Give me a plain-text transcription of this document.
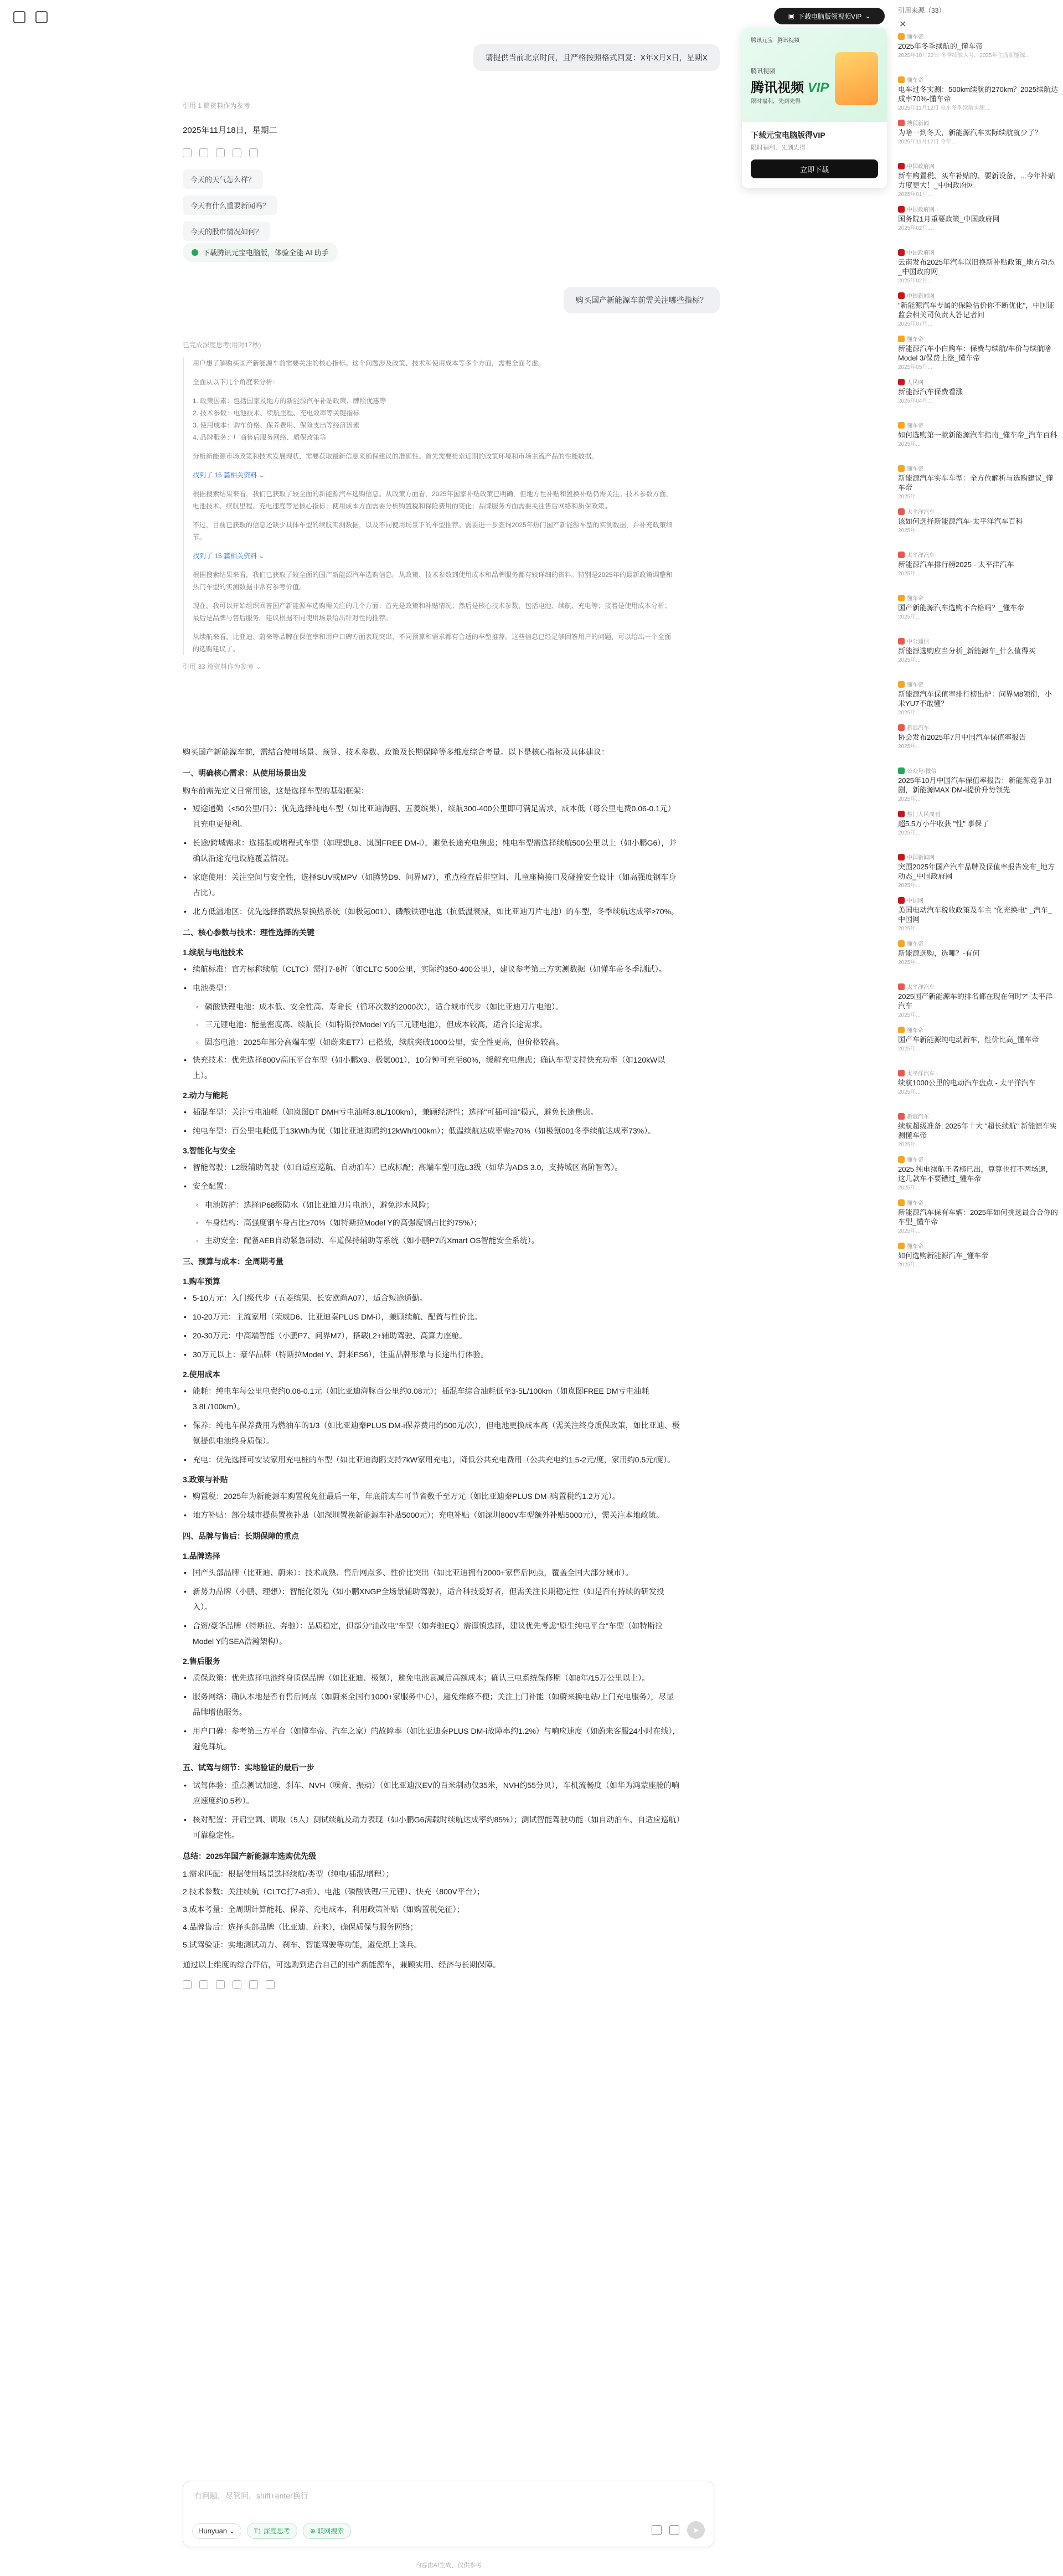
请提供当前北京时间，且严格按照格式回复：X年X月X日，星期X
引用 1 篇资料作为参考
2025年11月18日，星期二
今天的天气怎么样？
今天有什么重要新闻吗？
今天的股市情况如何？
下载腾讯元宝电脑版，体验全能 AI 助手
购买国产新能源车前需关注哪些指标？
已完成深度思考(用时17秒)

用户想了解购买国产新能源车前需要关注的核心指标。这个问题涉及政策、技术和使用成本等多个方面，需要全面考虑。

全面从以下几个角度来分析：

1. 政策因素：包括国家及地方的新能源汽车补贴政策、牌照优惠等
2. 技术参数：电池技术、续航里程、充电效率等关键指标
3. 使用成本：购车价格、保养费用、保险支出等经济因素

4. 品牌服务：厂商售后服务网络、质保政策等

分析新能源市场政策和技术发展现状，需要获取最新信息来确保建议的准确性。首先需要检索近期的政策环境和市场主流产品的性能数据。

找到了 15 篇相关资料 ⌄

根据搜索结果来看，我们已获取了较全面的新能源汽车选购信息。从政策方面看，2025年国家补贴政策已明确，但地方性补贴和置换补贴仍需关注。技术参数方面，电池技术、续航里程、充电速度等是核心指标；使用成本方面需要分析购置税和保险费用的变化；品牌服务方面需要关注售后网络和质保政策。

不过，目前已获取的信息还缺少具体车型的续航实测数据，以及不同使用场景下的车型推荐。需要进一步查询2025年热门国产新能源车型的实测数据，并补充政策细节。

找到了 15 篇相关资料 ⌄

根据搜索结果来看，我们已获取了较全面的国产新能源汽车选购信息。从政策、技术参数到使用成本和品牌服务都有较详细的资料。特别是2025年的最新政策调整和热门车型的实测数据非常有参考价值。

现在，我可以开始组织回答国产新能源车选购需关注的几个方面：首先是政策和补贴情况；然后是核心技术参数，包括电池、续航、充电等；接着是使用成本分析；最后是品牌与售后服务。建议根据不同使用场景给出针对性的推荐。

从续航来看，比亚迪、蔚来等品牌在保值率和用户口碑方面表现突出，不同预算和需求都有合适的车型推荐。这些信息已经足够回答用户的问题，可以给出一个全面的选购建议了。

引用 33 篇资料作为参考 ⌄

购买国产新能源车前，需结合使用场景、预算、技术参数、政策及长期保障等多维度综合考量。以下是核心指标及具体建议：

一、明确核心需求：从使用场景出发
购车前需先定义日常用途，这是选择车型的基础框架：
• 短途通勤（≤50公里/日）：优先选择纯电车型（如比亚迪海鸥、五菱缤果），续航300-400公里即可满足需求，成本低（每公里电费0.06-0.1元）且充电更便利。
• 长途/跨城需求：选插混或增程式车型（如理想L8、岚图FREE DM-i），避免长途充电焦虑；纯电车型需选择续航500公里以上（如小鹏G6），并确认沿途充电设施覆盖情况。
• 家庭使用：关注空间与安全性，选择SUV或MPV（如腾势D9、问界M7），重点检查后排空间、儿童座椅接口及碰撞安全设计（如高强度钢车身占比）。
• 北方低温地区：优先选择搭载热泵换热系统（如极氪001）、磷酸铁锂电池（抗低温衰减，如比亚迪刀片电池）的车型，冬季续航达成率≥70%。
二、核心参数与技术：理性选择的关键
1.续航与电池技术
• 续航标准：官方标称续航（CLTC）需打7-8折（如CLTC 500公里，实际约350-400公里），建议参考第三方实测数据（如懂车帝冬季测试）。
• 电池类型：
◦ 磷酸铁锂电池：成本低、安全性高、寿命长（循环次数约2000次），适合城市代步（如比亚迪刀片电池）。
◦ 三元锂电池：能量密度高、续航长（如特斯拉Model Y的三元锂电池），但成本较高，适合长途需求。
◦ 固态电池：2025年部分高端车型（如蔚来ET7）已搭载，续航突破1000公里，安全性更高，但价格较高。
• 快充技术：优先选择800V高压平台车型（如小鹏X9、极氪001），10分钟可充至80%，缓解充电焦虑；确认车型支持快充功率（如120kW以上）。
2.动力与能耗
• 插混车型：关注亏电油耗（如岚图DT DMH亏电油耗3.8L/100km），兼顾经济性；选择"可插可油"模式，避免长途焦虑。
• 纯电车型：百公里电耗低于13kWh为优（如比亚迪海鸥约12kWh/100km）；低温续航达成率需≥70%（如极氪001冬季续航达成率73%）。
3.智能化与安全
• 智能驾驶：L2级辅助驾驶（如自适应巡航、自动泊车）已成标配；高端车型可选L3级（如华为ADS 3.0，支持城区高阶智驾）。
• 安全配置：
◦ 电池防护：选择IP68级防水（如比亚迪刀片电池），避免涉水风险；
◦ 车身结构：高强度钢车身占比≥70%（如特斯拉Model Y的高强度钢占比约75%）；
◦ 主动安全：配备AEB自动紧急制动、车道保持辅助等系统（如小鹏P7的Xmart OS智能安全系统）。
三、预算与成本：全周期考量
1.购车预算
• 5-10万元：入门级代步（五菱缤果、长安欧尚A07），适合短途通勤。
• 10-20万元：主流家用（荣威D6、比亚迪秦PLUS DM-i），兼顾续航、配置与性价比。
• 20-30万元：中高端智能（小鹏P7、问界M7），搭载L2+辅助驾驶、高算力座舱。
• 30万元以上：豪华品牌（特斯拉Model Y、蔚来ES6），注重品牌形象与长途出行体验。
2.使用成本
• 能耗：纯电车每公里电费约0.06-0.1元（如比亚迪海豚百公里约0.08元）；插混车综合油耗低至3-5L/100km（如岚图FREE DM亏电油耗3.8L/100km）。
• 保养：纯电车保养费用为燃油车的1/3（如比亚迪秦PLUS DM-i保养费用约500元/次），但电池更换成本高（需关注终身质保政策，如比亚迪、极氪提供电池终身质保）。
• 充电：优先选择可安装家用充电桩的车型（如比亚迪海鸥支持7kW家用充电），降低公共充电费用（公共充电约1.5-2元/度，家用约0.5元/度）。
3.政策与补贴
• 购置税：2025年为新能源车购置税免征最后一年，年底前购车可节省数千至万元（如比亚迪秦PLUS DM-i购置税约1.2万元）。
• 地方补贴：部分城市提供置换补贴（如深圳置换新能源车补贴5000元）；充电补贴（如深圳800V车型额外补贴5000元），需关注本地政策。
四、品牌与售后：长期保障的重点
1.品牌选择
• 国产头部品牌（比亚迪、蔚来）：技术成熟、售后网点多、性价比突出（如比亚迪拥有2000+家售后网点，覆盖全国大部分城市）。
• 新势力品牌（小鹏、理想）：智能化领先（如小鹏XNGP全场景辅助驾驶），适合科技爱好者，但需关注长期稳定性（如是否有持续的研发投入）。
• 合资/豪华品牌（特斯拉、奔驰）：品质稳定，但部分"油改电"车型（如奔驰EQ）需谨慎选择，建议优先考虑"原生纯电平台"车型（如特斯拉Model Y的SEA浩瀚架构）。
2.售后服务
• 质保政策：优先选择电池终身质保品牌（如比亚迪、极氪），避免电池衰减后高额成本；确认三电系统保修期（如8年/15万公里以上）。
• 服务网络：确认本地是否有售后网点（如蔚来全国有1000+家服务中心），避免维修不便；关注上门补能（如蔚来换电站/上门充电服务），尽显品牌增值服务。
• 用户口碑：参考第三方平台（如懂车帝、汽车之家）的故障率（如比亚迪秦PLUS DM-i故障率约1.2%）与响应速度（如蔚来客服24小时在线），避免踩坑。
五、试驾与细节：实地验证的最后一步
• 试驾体验：重点测试加速、刹车、NVH（噪音、振动）（如比亚迪汉EV的百米制动仅35米，NVH约55分贝），车机流畅度（如华为鸿蒙座舱的响应速度约0.5秒）。
• 核对配置：开启空调、调取（5人）测试续航及动力表现（如小鹏G6满载时续航达成率约85%）；测试智能驾驶功能（如自动泊车、自适应巡航）可靠稳定性。
总结：2025年国产新能源车选购优先级
1.需求匹配：根据使用场景选择续航/类型（纯电/插混/增程）；
2.技术参数：关注续航（CLTC打7-8折）、电池（磷酸铁锂/三元锂）、快充（800V平台）；
3.成本考量：全周期计算能耗、保养、充电成本，利用政策补贴（如购置税免征）；
4.品牌售后：选择头部品牌（比亚迪、蔚来），确保质保与服务网络；
5.试驾验证：实地测试动力、刹车、智能驾驶等功能，避免纸上谈兵。

通过以上维度的综合评估，可选购到适合自己的国产新能源车，兼顾实用、经济与长期保障。

有问题，尽管问，shift+enter换行
Hunyuan ⌄	T1 深度思考	⊕ 联网搜索	➤
内容由AI生成，仅供参考
▣ 下载电脑版领视频VIP ⌄
腾讯元宝 腾讯视频
腾讯视频
腾讯视频 VIP
限时福利，先到先得
下载元宝电脑版得VIP
限时福利，先到先得
立即下载
引用来源（33）
✕
懂车帝
2025年冬季续航的_懂车帝
2025年10月22日 冬季续航大考，2025年主流新能源...
懂车帝
电车过冬实测：500km续航的270km？2025续航达成率70%-懂车帝
2025年11月12日 电车冬季续航实测...
搜狐新闻
为啥一到冬天，新能源汽车实际续航就少了？
2025年11月17日 今年...
中国政府网
新车购置税、买车补贴的、要新设备，...今年补贴力度更大！_中国政府网
2025年01月...
中国政府网
国务院1月重要政策_中国政府网
2025年02月...
中国政府网
云南发布2025年汽车以旧换新补贴政策_地方动态_中国政府网
2025年02月...
中国新闻网
"新能源汽车专属的保险估价你不断优化"，中国证监会相关司负责人答记者问
2025年07月...
懂车帝
新能源汽车小白购车：保费与续航/车价与续航啥Model 3/保费上涨_懂车帝
2025年05月...
人民网
新能源汽车保费看涨
2025年04月...
懂车帝
如何选购第一款新能源汽车指南_懂车帝_汽车百科
2025年...
懂车帝
新能源汽车实车车型：全方位解析与选购建议_懂车帝
2025年...
太平洋汽车
该如何选择新能源汽车-太平洋汽车百科
2025年...
太平洋汽车
新能源汽车排行榜2025 - 太平洋汽车
2025年...
懂车帝
国产新能源汽车选购不合格吗？_懂车帝
2025年...
中公通信
新能源选购应当分析_新能源车_什么值得买
2025年...
懂车帝
新能源汽车保值率排行榜出炉：问界M8领衔，小米YU7不敢懂？
2025年...
新浪汽车
协会发布2025年7月中国汽车保值率报告
2025年...
公众号·微信
2025年10月中国汽车保值率报告：新能源竞争加剧，新能源MAX DM-i提价升势领先
2025年...
热门人民周刊
超5.5万小牛收获 "性" 事保了
2025年...
中国新闻网
突围2025年国产汽车品牌及保值率报告发布_地方动态_中国政府网
2025年...
中国网
美国电动汽车税收政策及车主 "化充换电" _汽车_中国网
2025年...
懂车帝
新能源选购，选哪？-有何
2025年...
太平洋汽车
2025国产新能源车的排名都在现在何时?"-太平洋汽车
2025年...
懂车帝
国产车新能源纯电动新车，性价比高_懂车帝
2025年...
太平洋汽车
续航1000公里的电动汽车盘点 - 太平洋汽车
2025年...
新浪汽车
续航超级准备: 2025年十大 "超长续航" 新能源车实测懂车帝
2025年...
懂车帝
2025 纯电续航王者榜已出，算算也打不两场速，这几款车不要错过_懂车帝
2025年...
懂车帝
新能源汽车保有车辆：2025年如何挑选最合合你的车型_懂车帝
2025年...
懂车帝
如何选购新能源汽车_懂车帝
2025年...
